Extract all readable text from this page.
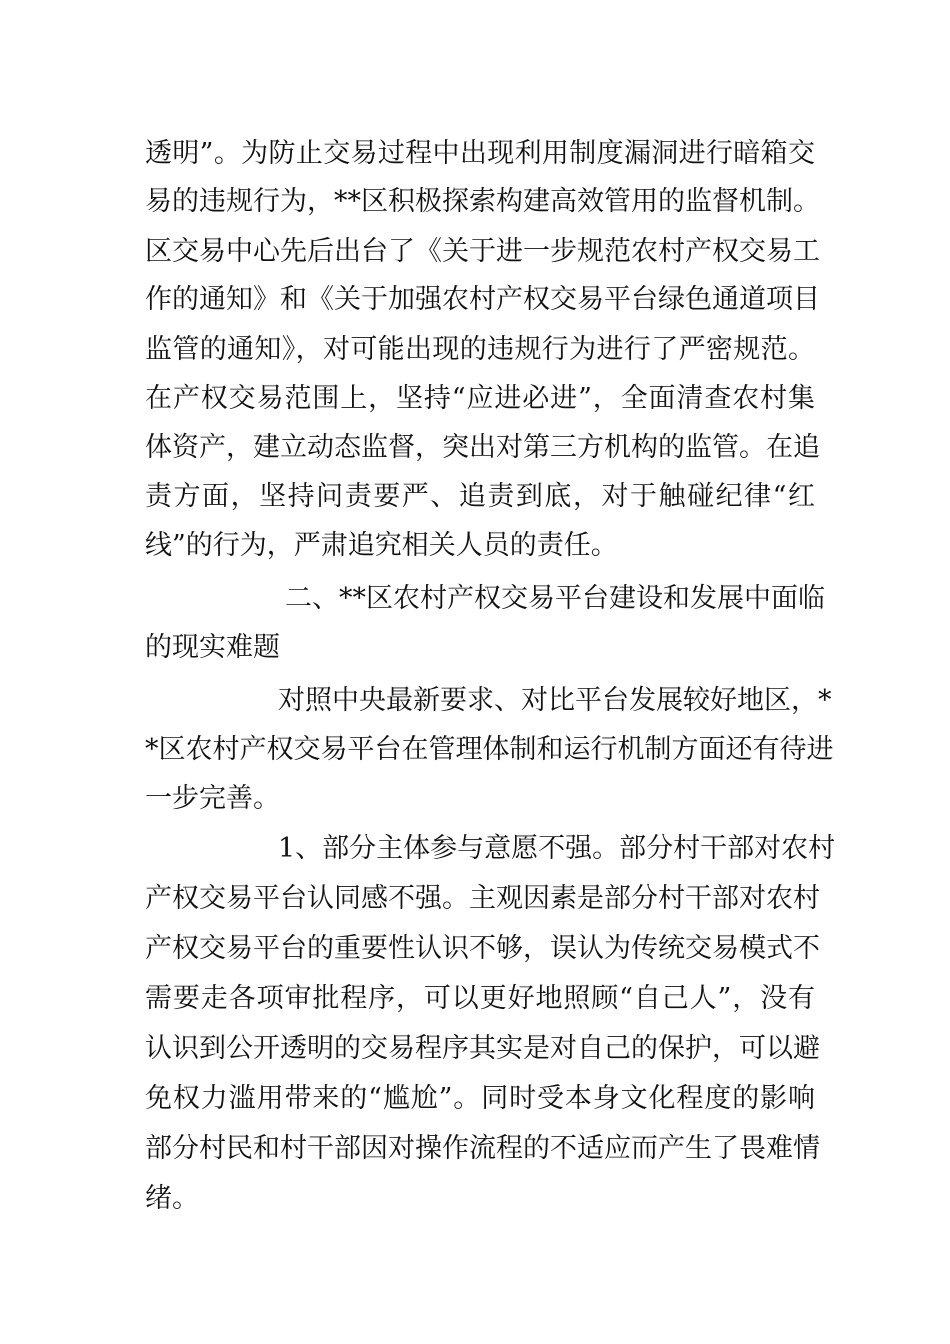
透明”。为防止交易过程中出现利用制度漏洞进行暗箱交
易的违规行为，**区积极探索构建高效管用的监督机制。
区交易中心先后出台了《关于进一步规范农村产权交易工
作的通知》和《关于加强农村产权交易平台绿色通道项目
监管的通知》，对可能出现的违规行为进行了严密规范。
在产权交易范围上，坚持“应进必进”，全面清查农村集
体资产，建立动态监督，突出对第三方机构的监管。在追
责方面，坚持问责要严、追责到底，对于触碰纪律“红
线”的行为，严肃追究相关人员的责任。
二、**区农村产权交易平台建设和发展中面临
的现实难题
对照中央最新要求、对比平台发展较好地区，*
*区农村产权交易平台在管理体制和运行机制方面还有待进
一步完善。
1、部分主体参与意愿不强。部分村干部对农村
产权交易平台认同感不强。主观因素是部分村干部对农村
产权交易平台的重要性认识不够，误认为传统交易模式不
需要走各项审批程序，可以更好地照顾“自己人”，没有
认识到公开透明的交易程序其实是对自己的保护，可以避
免权力滥用带来的“尴尬”。同时受本身文化程度的影响
部分村民和村干部因对操作流程的不适应而产生了畏难情
绪。
